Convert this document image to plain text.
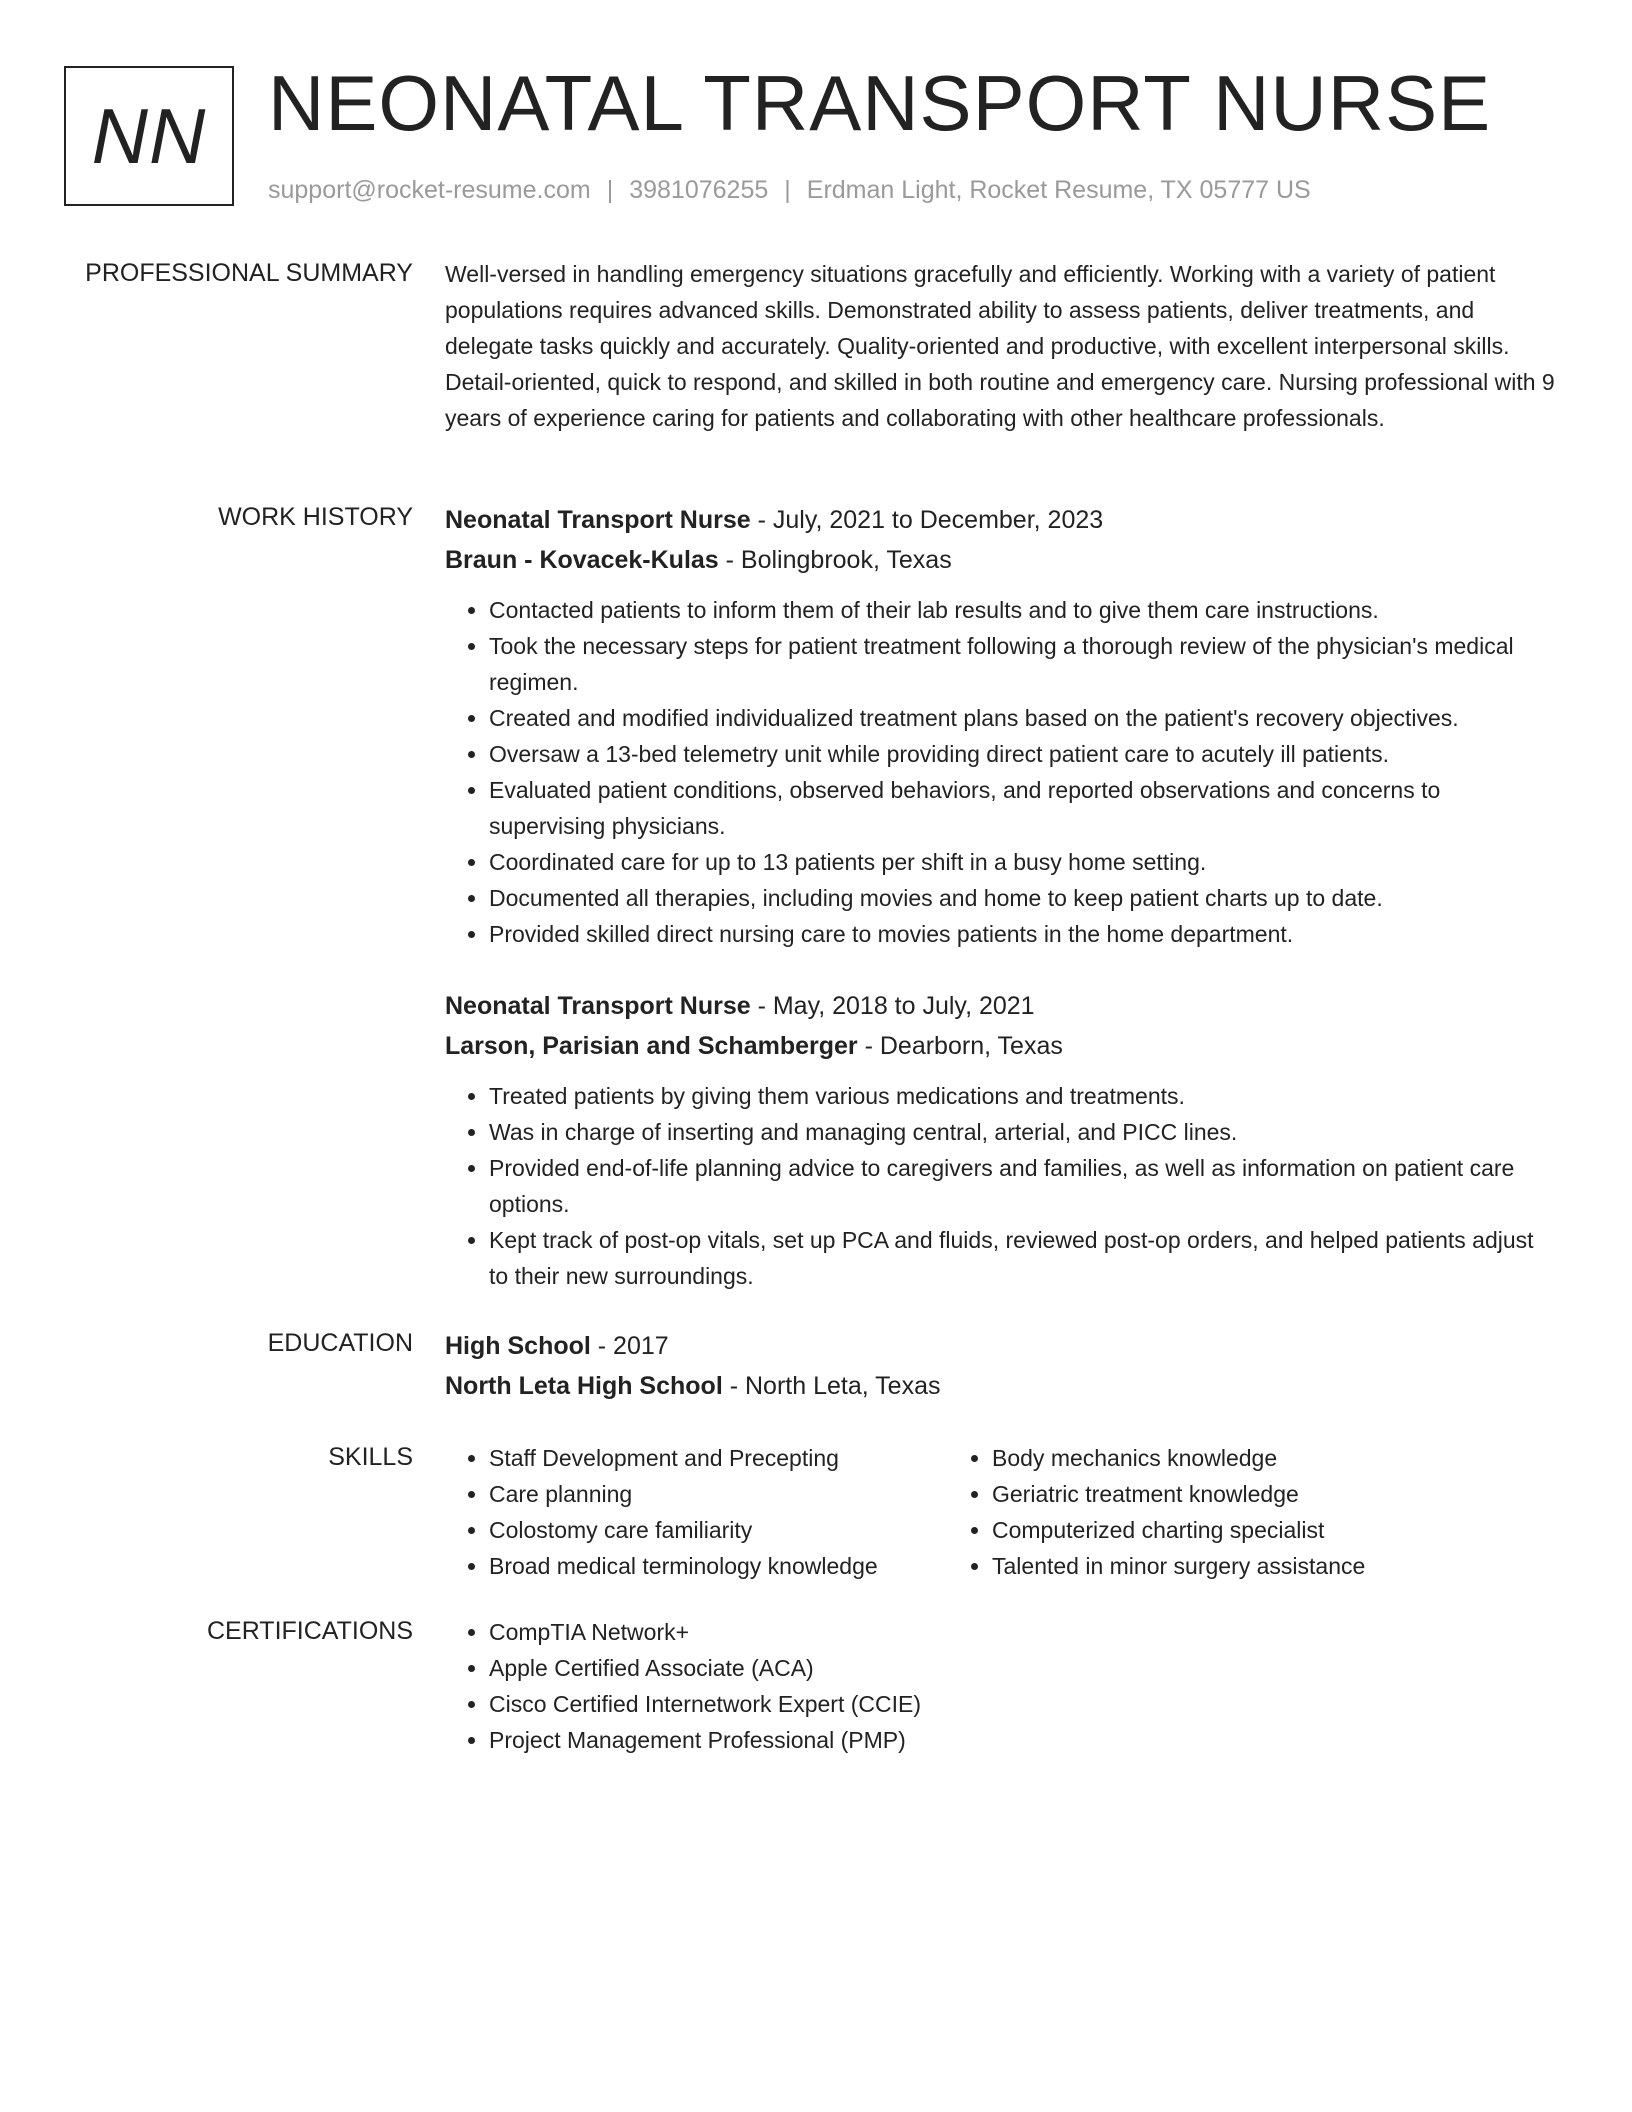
NN NEONATAL TRANSPORT NURSE
support@rocket-resume.com | 3981076255 | Erdman Light, Rocket Resume, TX 05777 US
PROFESSIONAL SUMMARY Well-versed in handling emergency situations gracefully and efficiently. Working with a variety of patient populations requires advanced skills. Demonstrated ability to assess patients, deliver treatments, and delegate tasks quickly and accurately. Quality-oriented and productive, with excellent interpersonal skills. Detail-oriented, quick to respond, and skilled in both routine and emergency care. Nursing professional with 9 years of experience caring for patients and collaborating with other healthcare professionals.

WORK HISTORY Neonatal Transport Nurse - July, 2021 to December, 2023
Braun - Kovacek-Kulas - Bolingbrook, Texas
• Contacted patients to inform them of their lab results and to give them care instructions.
• Took the necessary steps for patient treatment following a thorough review of the physician's medical regimen.
• Created and modified individualized treatment plans based on the patient's recovery objectives.
• Oversaw a 13-bed telemetry unit while providing direct patient care to acutely ill patients.
• Evaluated patient conditions, observed behaviors, and reported observations and concerns to supervising physicians.
• Coordinated care for up to 13 patients per shift in a busy home setting.
• Documented all therapies, including movies and home to keep patient charts up to date.
• Provided skilled direct nursing care to movies patients in the home department.
Neonatal Transport Nurse - May, 2018 to July, 2021
Larson, Parisian and Schamberger - Dearborn, Texas
• Treated patients by giving them various medications and treatments.
• Was in charge of inserting and managing central, arterial, and PICC lines.
• Provided end-of-life planning advice to caregivers and families, as well as information on patient care options.
• Kept track of post-op vitals, set up PCA and fluids, reviewed post-op orders, and helped patients adjust to their new surroundings.
EDUCATION High School - 2017
North Leta High School - North Leta, Texas
SKILLS	• Staff Development and Precepting
• Care planning
• Colostomy care familiarity
• Broad medical terminology knowledge
• Body mechanics knowledge
• Geriatric treatment knowledge
• Computerized charting specialist
• Talented in minor surgery assistance
CERTIFICATIONS	• CompTIA Network+
• Apple Certified Associate (ACA)
• Cisco Certified Internetwork Expert (CCIE)
• Project Management Professional (PMP)
